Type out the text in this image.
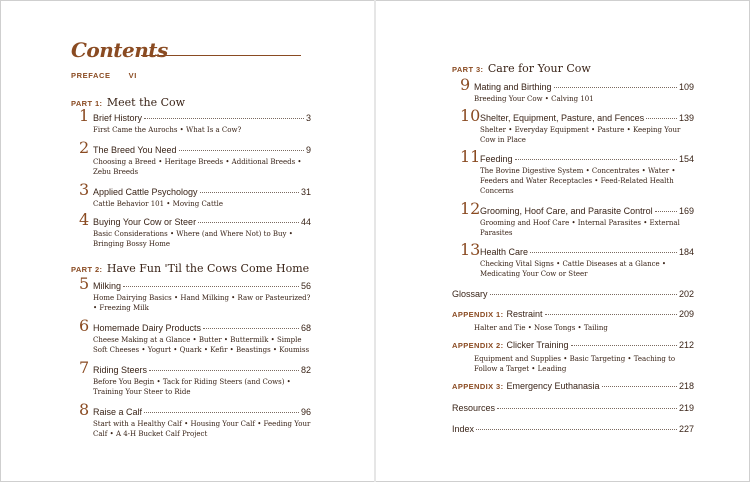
Contents
PREFACE VI
PART 1: Meet the Cow
1 Brief History	3
First Came the Aurochs • What Is a Cow?
2 The Breed You Need	9
Choosing a Breed • Heritage Breeds • Additional Breeds • Zebu Breeds
3 Applied Cattle Psychology	31
Cattle Behavior 101 • Moving Cattle
4 Buying Your Cow or Steer	44
Basic Considerations • Where (and Where Not) to Buy • Bringing Bossy Home
PART 2: Have Fun 'Til the Cows Come Home
5 Milking	56
Home Dairying Basics • Hand Milking • Raw or Pasteurized? • Freezing Milk
6 Homemade Dairy Products	68
Cheese Making at a Glance • Butter • Buttermilk • Simple Soft Cheeses • Yogurt • Quark • Kefir • Beastings • Koumiss
7 Riding Steers	82
Before You Begin • Tack for Riding Steers (and Cows) • Training Your Steer to Ride
8 Raise a Calf	96
Start with a Healthy Calf • Housing Your Calf • Feeding Your Calf • A 4-H Bucket Calf Project
PART 3: Care for Your Cow
9 Mating and Birthing	109
Breeding Your Cow • Calving 101
10 Shelter, Equipment, Pasture, and Fences	139
Shelter • Everyday Equipment • Pasture • Keeping Your Cow in Place
11 Feeding	154
The Bovine Digestive System • Concentrates • Water • Feeders and Water Receptacles • Feed-Related Health Concerns
12 Grooming, Hoof Care, and Parasite Control	169
Grooming and Hoof Care • Internal Parasites • External Parasites
13 Health Care	184
Checking Vital Signs • Cattle Diseases at a Glance • Medicating Your Cow or Steer
Glossary	202
APPENDIX 1: Restraint	209
Halter and Tie • Nose Tongs • Tailing
APPENDIX 2: Clicker Training	212
Equipment and Supplies • Basic Targeting • Teaching to Follow a Target • Leading
APPENDIX 3: Emergency Euthanasia	218
Resources	219
Index	227
